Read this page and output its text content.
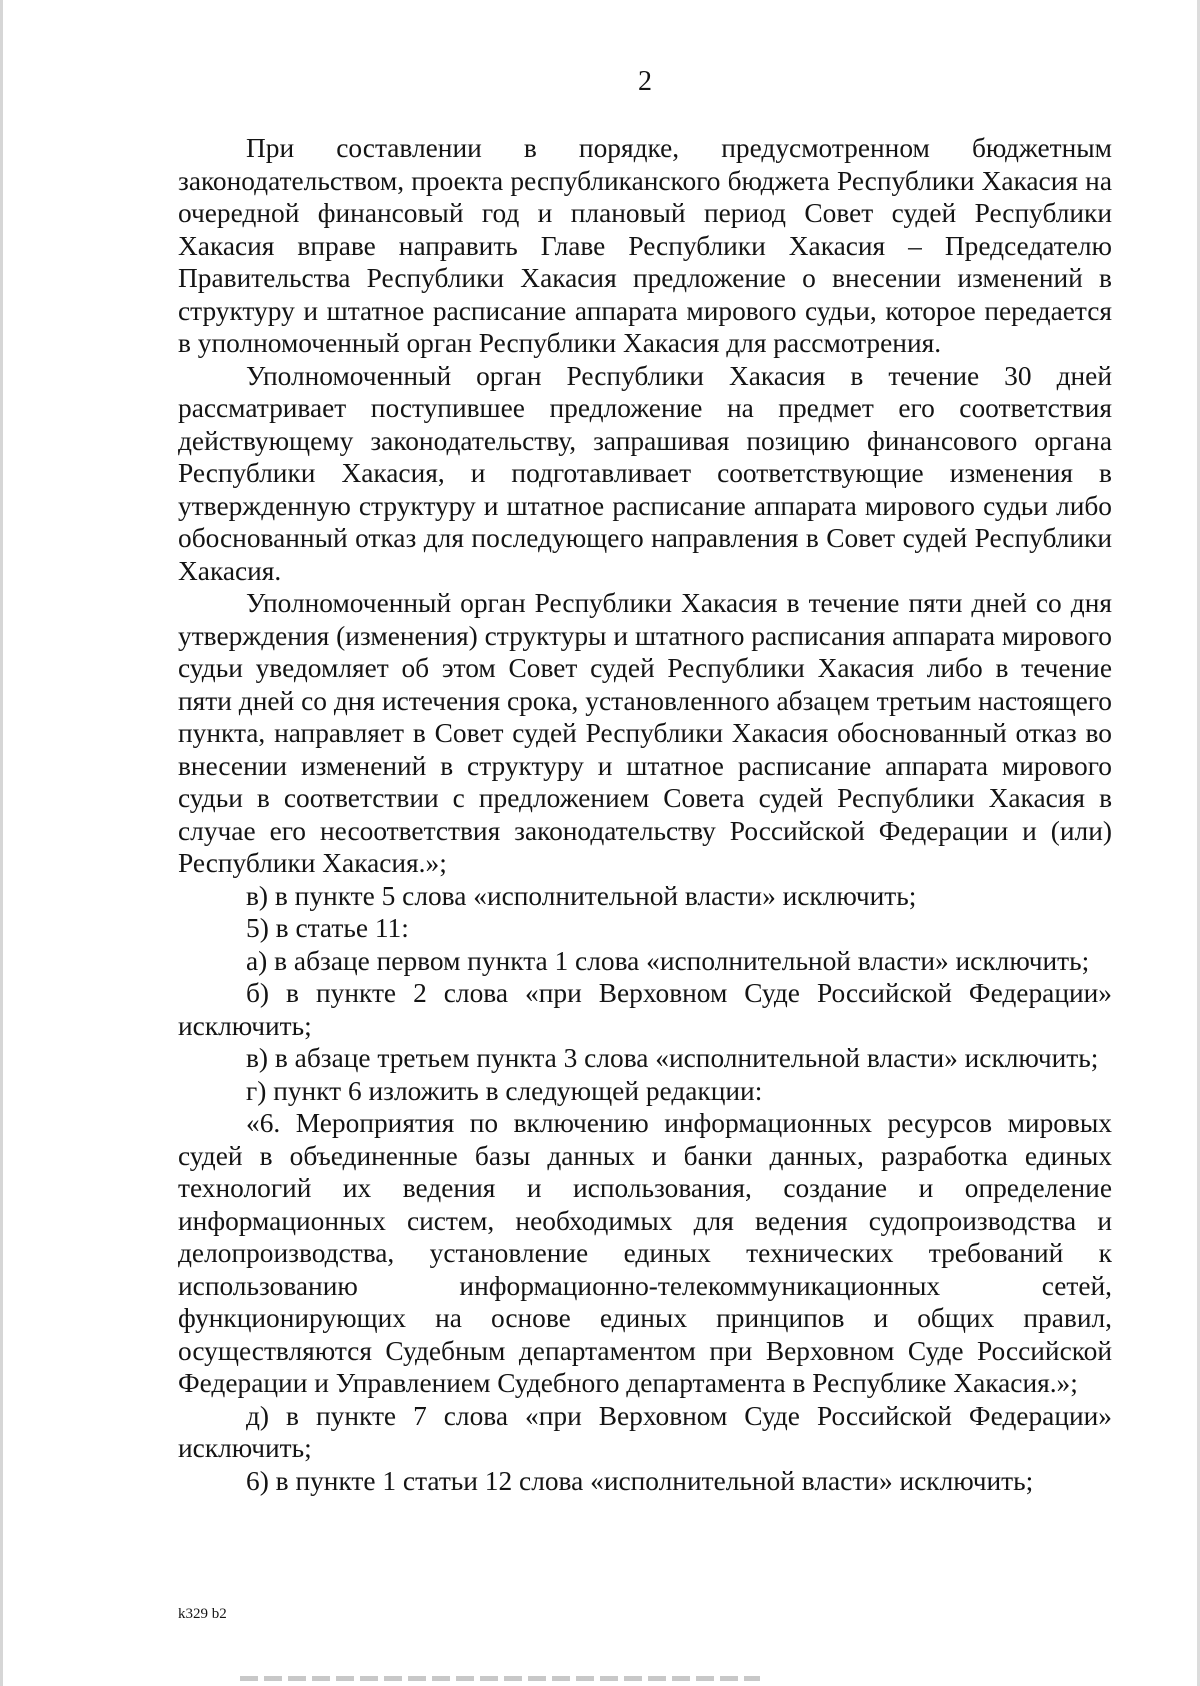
2

При составлении в порядке, предусмотренном бюджетным законодательством, проекта республиканского бюджета Республики Хакасия на очередной финансовый год и плановый период Совет судей Республики Хакасия вправе направить Главе Республики Хакасия – Председателю Правительства Республики Хакасия предложение о внесении изменений в структуру и штатное расписание аппарата мирового судьи, которое передается в уполномоченный орган Республики Хакасия для рассмотрения.

Уполномоченный орган Республики Хакасия в течение 30 дней рассматривает поступившее предложение на предмет его соответствия действующему законодательству, запрашивая позицию финансового органа Республики Хакасия, и подготавливает соответствующие изменения в утвержденную структуру и штатное расписание аппарата мирового судьи либо обоснованный отказ для последующего направления в Совет судей Республики Хакасия.

Уполномоченный орган Республики Хакасия в течение пяти дней со дня утверждения (изменения) структуры и штатного расписания аппарата мирового судьи уведомляет об этом Совет судей Республики Хакасия либо в течение пяти дней со дня истечения срока, установленного абзацем третьим настоящего пункта, направляет в Совет судей Республики Хакасия обоснованный отказ во внесении изменений в структуру и штатное расписание аппарата мирового судьи в соответствии с предложением Совета судей Республики Хакасия в случае его несоответствия законодательству Российской Федерации и (или) Республики Хакасия.»;

в) в пункте 5 слова «исполнительной власти» исключить;

5) в статье 11:

а) в абзаце первом пункта 1 слова «исполнительной власти» исключить;

б) в пункте 2 слова «при Верховном Суде Российской Федерации» исключить;

в) в абзаце третьем пункта 3 слова «исполнительной власти» исключить;

г) пункт 6 изложить в следующей редакции:

«6. Мероприятия по включению информационных ресурсов мировых судей в объединенные базы данных и банки данных, разработка единых технологий их ведения и использования, создание и определение информационных систем, необходимых для ведения судопроизводства и делопроизводства, установление единых технических требований к использованию информационно-телекоммуникационных сетей, функционирующих на основе единых принципов и общих правил, осуществляются Судебным департаментом при Верховном Суде Российской Федерации и Управлением Судебного департамента в Республике Хакасия.»;

д) в пункте 7 слова «при Верховном Суде Российской Федерации» исключить;

6) в пункте 1 статьи 12 слова «исполнительной власти» исключить;

k329 b2
